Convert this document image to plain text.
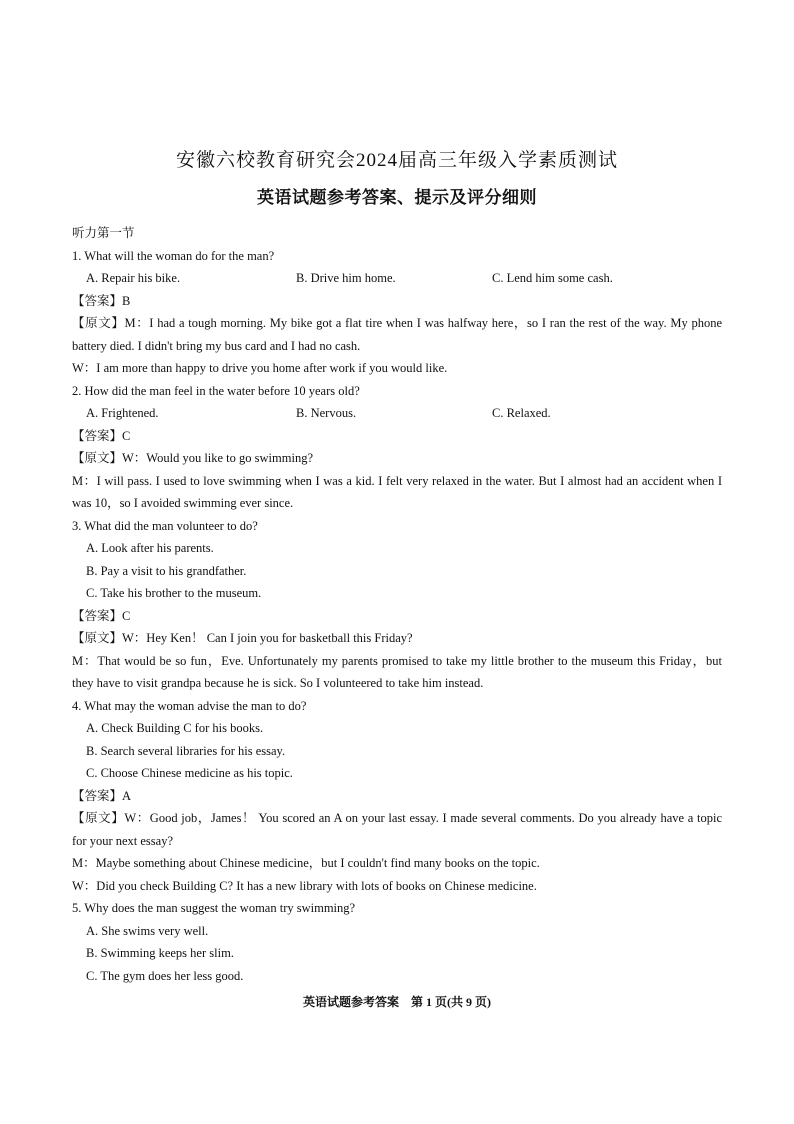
安徽六校教育研究会2024届高三年级入学素质测试
英语试题参考答案、提示及评分细则
听力第一节
1. What will the woman do for the man?
A. Repair his bike.	B. Drive him home.	C. Lend him some cash.
【答案】B
【原文】M：I had a tough morning. My bike got a flat tire when I was halfway here，so I ran the rest of the way. My phone battery died. I didn't bring my bus card and I had no cash.
W：I am more than happy to drive you home after work if you would like.
2. How did the man feel in the water before 10 years old?
A. Frightened.	B. Nervous.	C. Relaxed.
【答案】C
【原文】W：Would you like to go swimming?
M：I will pass. I used to love swimming when I was a kid. I felt very relaxed in the water. But I almost had an accident when I was 10，so I avoided swimming ever since.
3. What did the man volunteer to do?
A. Look after his parents.
B. Pay a visit to his grandfather.
C. Take his brother to the museum.
【答案】C
【原文】W：Hey Ken！ Can I join you for basketball this Friday?
M：That would be so fun，Eve. Unfortunately my parents promised to take my little brother to the museum this Friday，but they have to visit grandpa because he is sick. So I volunteered to take him instead.
4. What may the woman advise the man to do?
A. Check Building C for his books.
B. Search several libraries for his essay.
C. Choose Chinese medicine as his topic.
【答案】A
【原文】W：Good job，James！ You scored an A on your last essay. I made several comments. Do you already have a topic for your next essay?
M：Maybe something about Chinese medicine，but I couldn't find many books on the topic.
W：Did you check Building C? It has a new library with lots of books on Chinese medicine.
5. Why does the man suggest the woman try swimming?
A. She swims very well.
B. Swimming keeps her slim.
C. The gym does her less good.
英语试题参考答案　第 1 页(共 9 页)
